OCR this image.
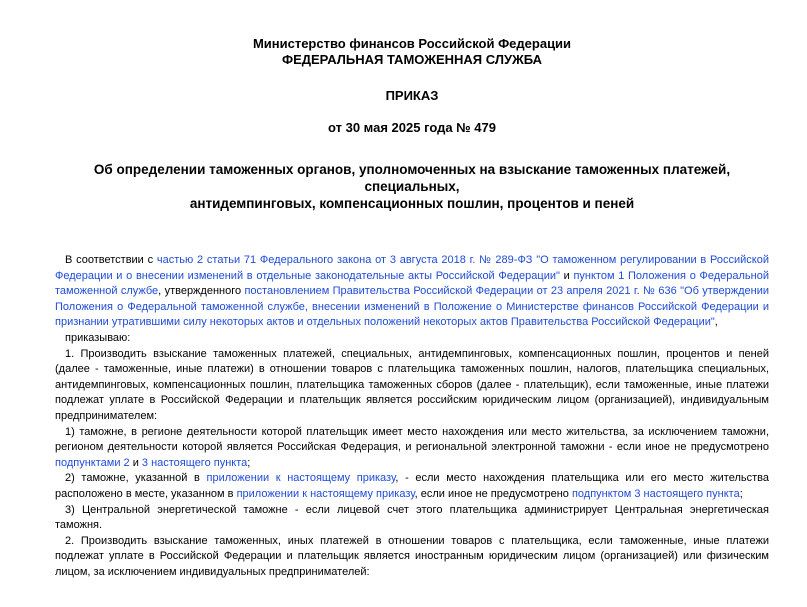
Министерство финансов Российской Федерации
ФЕДЕРАЛЬНАЯ ТАМОЖЕННАЯ СЛУЖБА
ПРИКАЗ
от 30 мая 2025 года № 479
Об определении таможенных органов, уполномоченных на взыскание таможенных платежей, специальных,
антидемпинговых, компенсационных пошлин, процентов и пеней

В соответствии с частью 2 статьи 71 Федерального закона от 3 августа 2018 г. № 289-ФЗ "О таможенном регулировании в Российской Федерации и о внесении изменений в отдельные законодательные акты Российской Федерации" и пунктом 1 Положения о Федеральной таможенной службе, утвержденного постановлением Правительства Российской Федерации от 23 апреля 2021 г. № 636 "Об утверждении Положения о Федеральной таможенной службе, внесении изменений в Положение о Министерстве финансов Российской Федерации и признании утратившими силу некоторых актов и отдельных положений некоторых актов Правительства Российской Федерации",

приказываю:

1. Производить взыскание таможенных платежей, специальных, антидемпинговых, компенсационных пошлин, процентов и пеней (далее - таможенные, иные платежи) в отношении товаров с плательщика таможенных пошлин, налогов, плательщика специальных, антидемпинговых, компенсационных пошлин, плательщика таможенных сборов (далее - плательщик), если таможенные, иные платежи подлежат уплате в Российской Федерации и плательщик является российским юридическим лицом (организацией), индивидуальным предпринимателем:

1) таможне, в регионе деятельности которой плательщик имеет место нахождения или место жительства, за исключением таможни, регионом деятельности которой является Российская Федерация, и региональной электронной таможни - если иное не предусмотрено подпунктами 2 и 3 настоящего пункта;

2) таможне, указанной в приложении к настоящему приказу, - если место нахождения плательщика или его место жительства расположено в месте, указанном в приложении к настоящему приказу, если иное не предусмотрено подпунктом 3 настоящего пункта;

3) Центральной энергетической таможне - если лицевой счет этого плательщика администрирует Центральная энергетическая таможня.

2. Производить взыскание таможенных, иных платежей в отношении товаров с плательщика, если таможенные, иные платежи подлежат уплате в Российской Федерации и плательщик является иностранным юридическим лицом (организацией) или физическим лицом, за исключением индивидуальных предпринимателей:
